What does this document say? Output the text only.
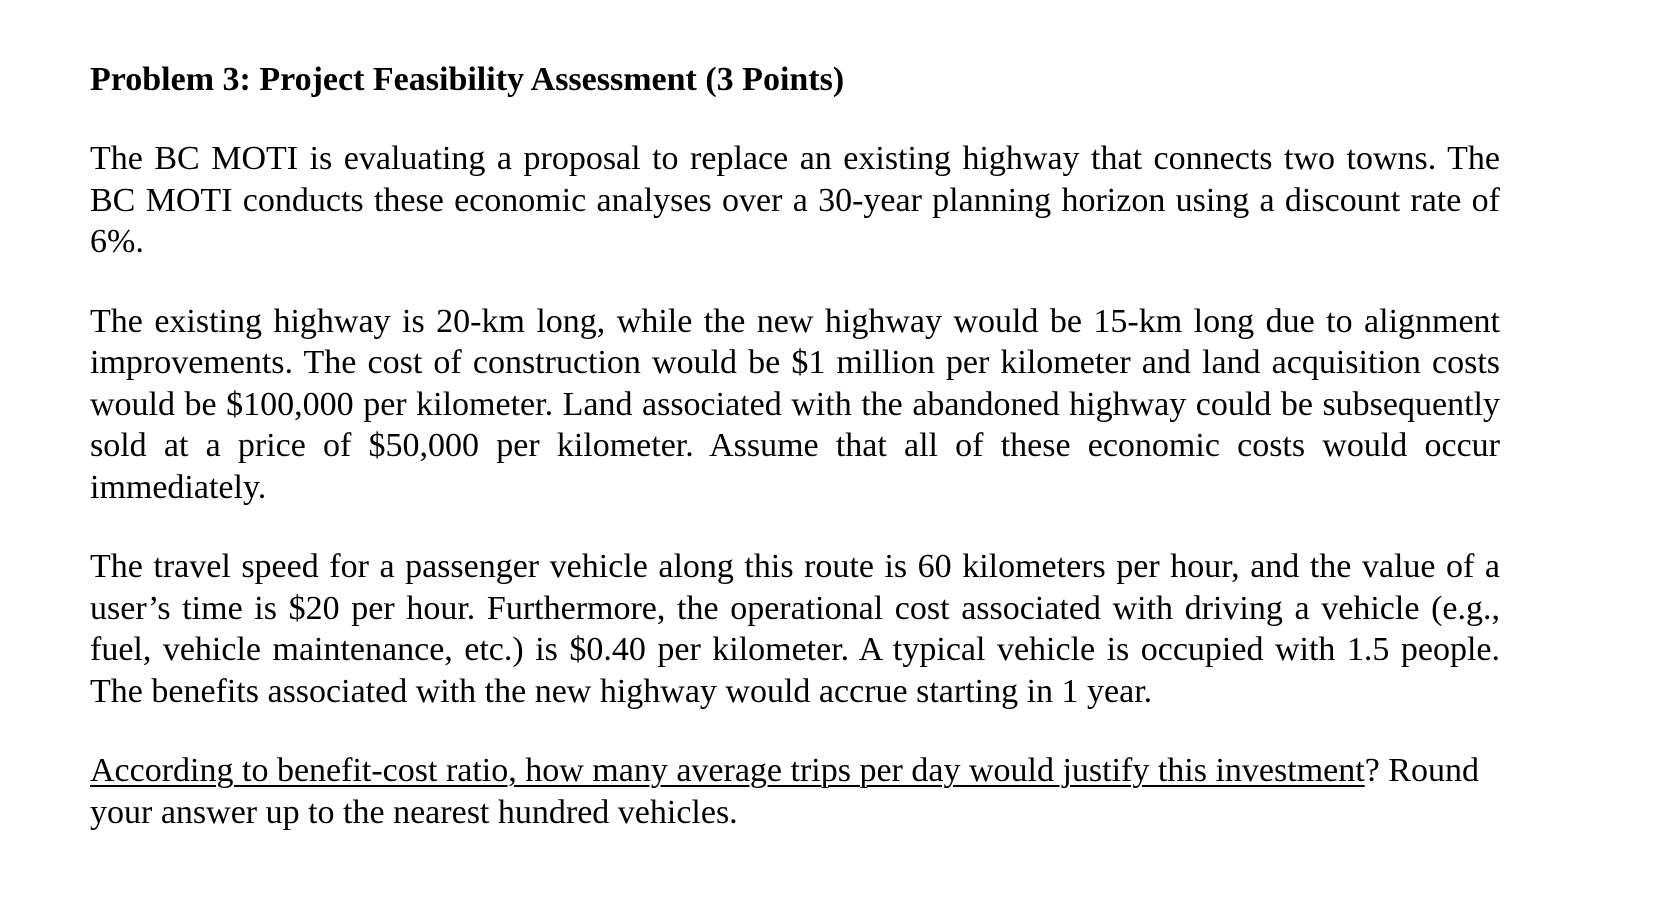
Problem 3: Project Feasibility Assessment (3 Points)

The BC MOTI is evaluating a proposal to replace an existing highway that connects two towns. The BC MOTI conducts these economic analyses over a 30-year planning horizon using a discount rate of 6%.

The existing highway is 20-km long, while the new highway would be 15-km long due to alignment improvements. The cost of construction would be $1 million per kilometer and land acquisition costs would be $100,000 per kilometer. Land associated with the abandoned highway could be subsequently sold at a price of $50,000 per kilometer. Assume that all of these economic costs would occur immediately.

The travel speed for a passenger vehicle along this route is 60 kilometers per hour, and the value of a user’s time is $20 per hour. Furthermore, the operational cost associated with driving a vehicle (e.g., fuel, vehicle maintenance, etc.) is $0.40 per kilometer. A typical vehicle is occupied with 1.5 people. The benefits associated with the new highway would accrue starting in 1 year.

According to benefit-cost ratio, how many average trips per day would justify this investment? Round your answer up to the nearest hundred vehicles.
